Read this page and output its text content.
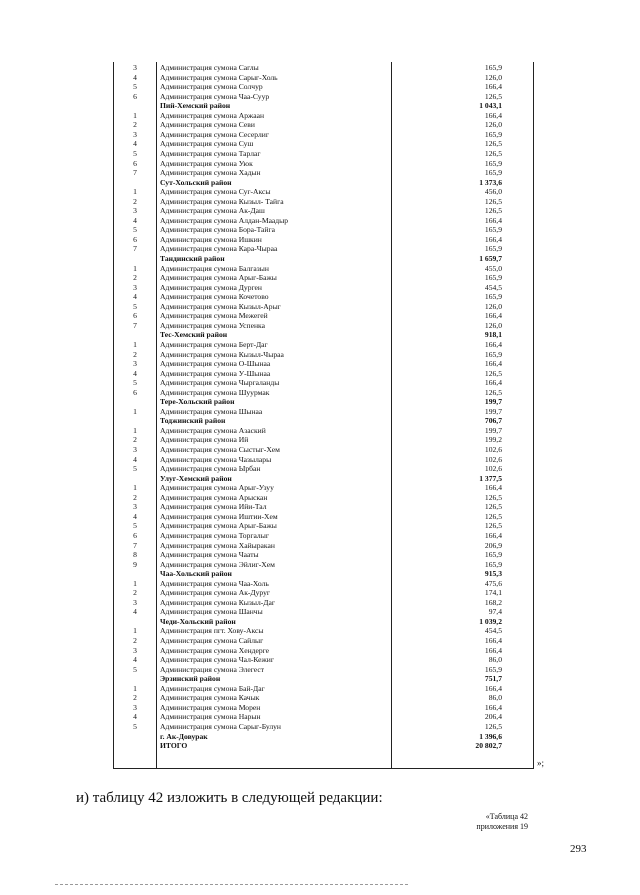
3	Администрация сумона Саглы	165,9
4	Администрация сумона Сарыг-Холь	126,0
5	Администрация сумона Солчур	166,4
6	Администрация сумона Чаа-Суур	126,5
Пий-Хемский район	1 043,1
1	Администрация сумона Аржаан	166,4
2	Администрация сумона Севи	126,0
3	Администрация сумона Сесерлиг	165,9
4	Администрация сумона Суш	126,5
5	Администрация сумона Тарлаг	126,5
6	Администрация сумона Уюк	165,9
7	Администрация сумона Хадын	165,9
Сут-Хольский район	1 373,6
1	Администрация сумона Суг-Аксы	456,0
2	Администрация сумона Кызыл- Тайга	126,5
3	Администрация сумона Ак-Даш	126,5
4	Администрация сумона Алдан-Маадыр	166,4
5	Администрация сумона Бора-Тайга	165,9
6	Администрация сумона Ишкин	166,4
7	Администрация сумона Кара-Чыраа	165,9
Тандинский район	1 659,7
1	Администрация сумона Балгазын	455,0
2	Администрация сумона Арыг-Бажы	165,9
3	Администрация сумона Дурген	454,5
4	Администрация сумона Кочетово	165,9
5	Администрация сумона Кызыл-Арыг	126,0
6	Администрация сумона Межегей	166,4
7	Администрация сумона Успенка	126,0
Тес-Хемский район	918,1
1	Администрация сумона Берт-Даг	166,4
2	Администрация сумона Кызыл-Чыраа	165,9
3	Администрация сумона О-Шынаа	166,4
4	Администрация сумона У-Шынаа	126,5
5	Администрация сумона Чыргаланды	166,4
6	Администрация сумона Шуурмак	126,5
Тере-Хольский район	199,7
1	Администрация сумона Шынаа	199,7
Тоджинский район	706,7
1	Администрация сумона Азаский	199,7
2	Администрация сумона Ий	199,2
3	Администрация сумона Сыстыг-Хем	102,6
4	Администрация сумона Чазылары	102,6
5	Администрация сумона Ырбан	102,6
Улуг-Хемский район	1 377,5
1	Администрация сумона Арыг-Узуу	166,4
2	Администрация сумона Арыскан	126,5
3	Администрация сумона Ийи-Тал	126,5
4	Администрация сумона Иштии-Хем	126,5
5	Администрация сумона Арыг-Бажы	126,5
6	Администрация сумона Торгалыг	166,4
7	Администрация сумона Хайыракан	206,9
8	Администрация сумона Чааты	165,9
9	Администрация сумона Эйлиг-Хем	165,9
Чаа-Хольский район	915,3
1	Администрация сумона Чаа-Холь	475,6
2	Администрация сумона Ак-Дуруг	174,1
3	Администрация сумона Кызыл-Даг	168,2
4	Администрация сумона Шанчы	97,4
Чеди-Хольский район	1 039,2
1	Администрация пгт. Хову-Аксы	454,5
2	Администрация сумона Сайлыг	166,4
3	Администрация сумона Хендерге	166,4
4	Администрация сумона Чал-Кежиг	86,0
5	Администрация сумона Элегест	165,9
Эрзинский район	751,7
1	Администрация сумона Бай-Даг	166,4
2	Администрация сумона Качык	86,0
3	Администрация сумона Морен	166,4
4	Администрация сумона Нарын	206,4
5	Администрация сумона Сарыг-Булун	126,5
г. Ак-Довурак	1 396,6
ИТОГО	20 802,7
»;
и) таблицу 42 изложить в следующей редакции:
«Таблица 42
приложения 19
293
